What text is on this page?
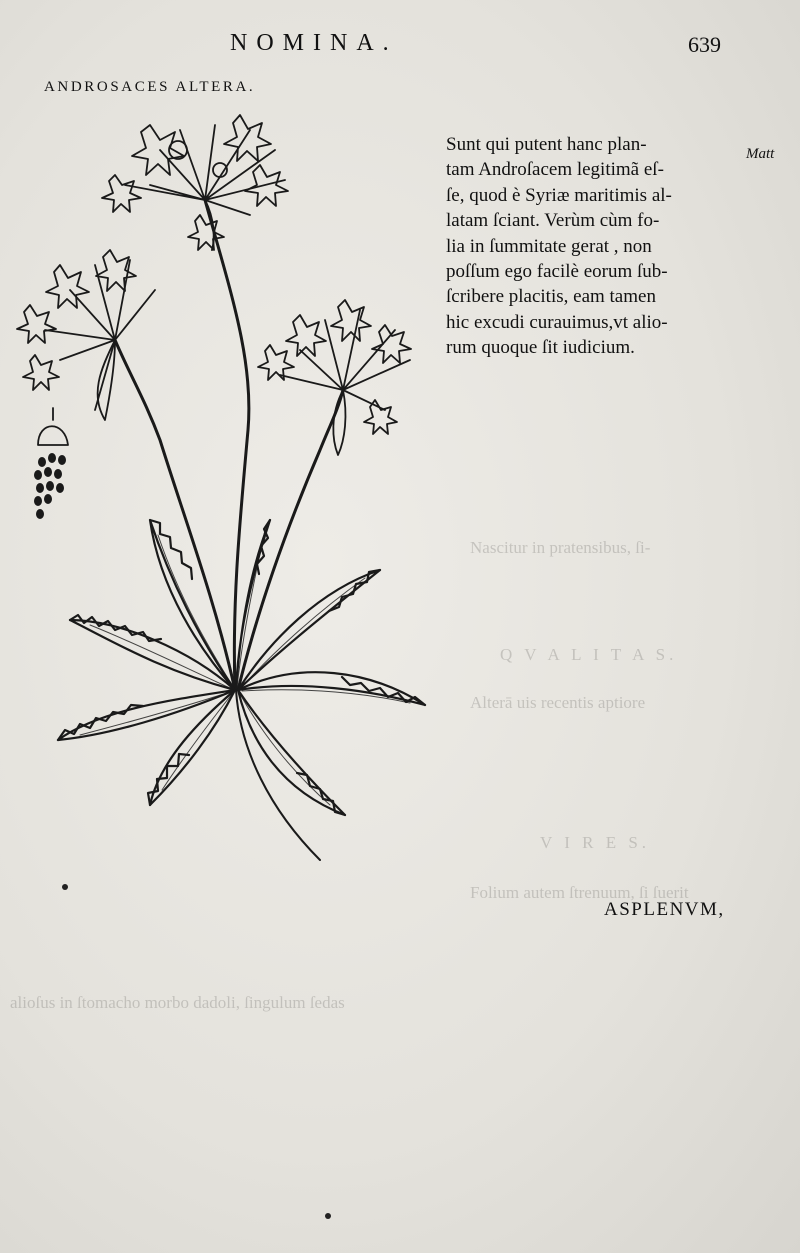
Nascitur in pratensibus, ſi-
Alterā uis recentis aptiore
Q V A L I T A S.
V I R E S.
Folium autem ſtrenuum, ſi ſuerit
alioſus in ſtomacho morbo dadoli, ſingulum ſedas
NOMINA.	639
ANDROSACES ALTERA.
Sunt qui putent hanc plan-
tam Androſacem legitimã eſ-
ſe, quod è Syriæ maritimis al-
latam ſciant. Verùm cùm fo-
lia in ſummitate gerat , non
poſſum ego facilè eorum ſub-
ſcribere placitis, eam tamen
hic excudi curauimus,vt alio-
rum quoque ſit iudicium.
Matt
ASPLENVM,
